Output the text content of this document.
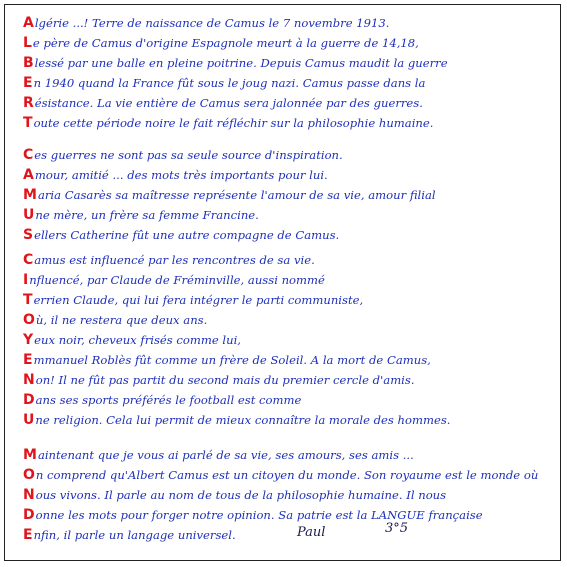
Algérie ...! Terre de naissance de Camus le 7 novembre 1913.
Le père de Camus d'origine Espagnole meurt à la guerre de 14,18,
Blessé par une balle en pleine poitrine. Depuis Camus maudit la guerre
En 1940 quand la France fût sous le joug nazi. Camus passe dans la
Résistance. La vie entière de Camus sera jalonnée par des guerres.
Toute cette période noire le fait réfléchir sur la philosophie humaine.
Ces guerres ne sont pas sa seule source d'inspiration.
Amour, amitié ... des mots très importants pour lui.
Maria Casarès sa maîtresse représente l'amour de sa vie, amour filial
Une mère, un frère sa femme Francine.
Sellers Catherine fût une autre compagne de Camus.
Camus est influencé par les rencontres de sa vie.
Influencé, par Claude de Fréminville, aussi nommé
Terrien Claude, qui lui fera intégrer le parti communiste,
Où, il ne restera que deux ans.
Yeux noir, cheveux frisés comme lui,
Emmanuel Roblès fût comme un frère de Soleil. A la mort de Camus,
Non! Il ne fût pas partit du second mais du premier cercle d'amis.
Dans ses sports préférés le football est comme
Une religion. Cela lui permit de mieux connaître la morale des hommes.
Maintenant que je vous ai parlé de sa vie, ses amours, ses amis ...
On comprend qu'Albert Camus est un citoyen du monde. Son royaume est le monde où
Nous vivons. Il parle au nom de tous de la philosophie humaine. Il nous
Donne les mots pour forger notre opinion. Sa patrie est la LANGUE française
Enfin, il parle un langage universel.	Paul	3°5
